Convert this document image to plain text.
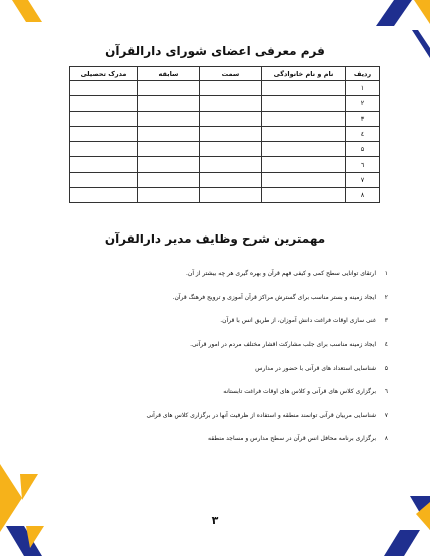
فرم معرفی اعضای شورای دارالقرآن
ردیف	نام و نام خانوادگی	سمت	سابقه	مدرک تحصیلی
۱				
۲				
۳				
٤				
۵				
٦				
۷				
۸				
مهمترین شرح وظایف مدیر دارالقرآن
۱
ارتقای توانایی سطح کمی و کیفی فهم قرآن و بهره گیری هر چه بیشتر از آن.
۲
ایجاد زمینه و بستر مناسب برای گسترش مراکز قرآن آموزی و ترویج فرهنگ قرآن.
۳
غنی سازی اوقات فراغت دانش آموزان، از طریق انس با قرآن.
٤
ایجاد زمینه مناسب برای جلب مشارکت اقشار مختلف مردم در امور قرآنی.
۵
شناسایی استعداد های قرآنی با حضور در مدارس
٦
برگزاری کلاس های قرآنی و کلاس های اوقات فراغت تابستانه
۷
شناسایی مربیان قرآنی توانمند منطقه و استفاده از ظرفیت آنها در برگزاری کلاس های قرآنی
۸
برگزاری برنامه محافل انس قرآن در سطح مدارس و مساجد منطقه
۳
